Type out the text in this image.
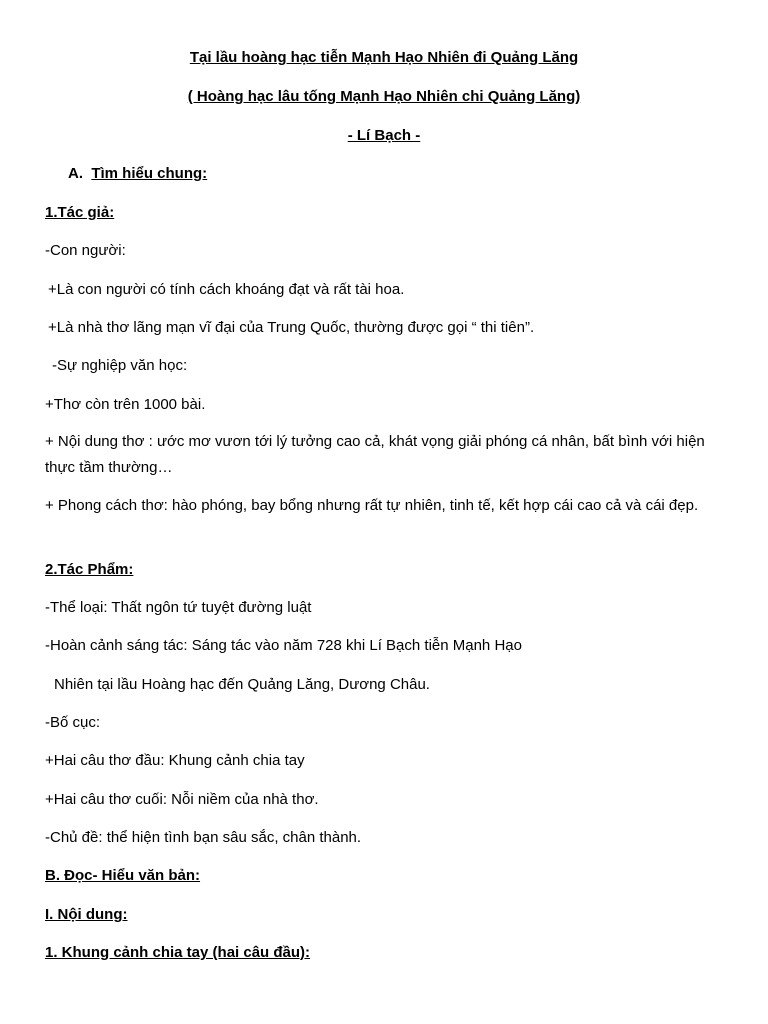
Tại lầu hoàng hạc tiễn Mạnh Hạo Nhiên đi Quảng Lăng

( Hoàng hạc lâu tống Mạnh Hạo Nhiên chi Quảng Lăng)

- Lí Bạch -

A. Tìm hiểu chung:

1.Tác giả:

-Con người:

+Là con người có tính cách khoáng đạt và rất tài hoa.

+Là nhà thơ lãng mạn vĩ đại của Trung Quốc, thường được gọi “ thi tiên”.

-Sự nghiệp văn học:

+Thơ còn trên 1000 bài.

+ Nội dung thơ : ước mơ vươn tới lý tưởng cao cả, khát vọng giải phóng cá nhân, bất bình với hiện thực tầm thường…

+ Phong cách thơ: hào phóng, bay bổng nhưng rất tự nhiên, tinh tế, kết hợp cái cao cả và cái đẹp.

2.Tác Phẩm:

-Thể loại: Thất ngôn tứ tuyệt đường luật

-Hoàn cảnh sáng tác: Sáng tác vào năm 728 khi Lí Bạch tiễn Mạnh Hạo

Nhiên tại lầu Hoàng hạc đến Quảng Lăng, Dương Châu.

-Bố cục:

+Hai câu thơ đầu: Khung cảnh chia tay

+Hai câu thơ cuối: Nỗi niềm của nhà thơ.

-Chủ đề: thể hiện tình bạn sâu sắc, chân thành.

B. Đọc- Hiểu văn bản:

I. Nội dung:

1. Khung cảnh chia tay (hai câu đầu):
